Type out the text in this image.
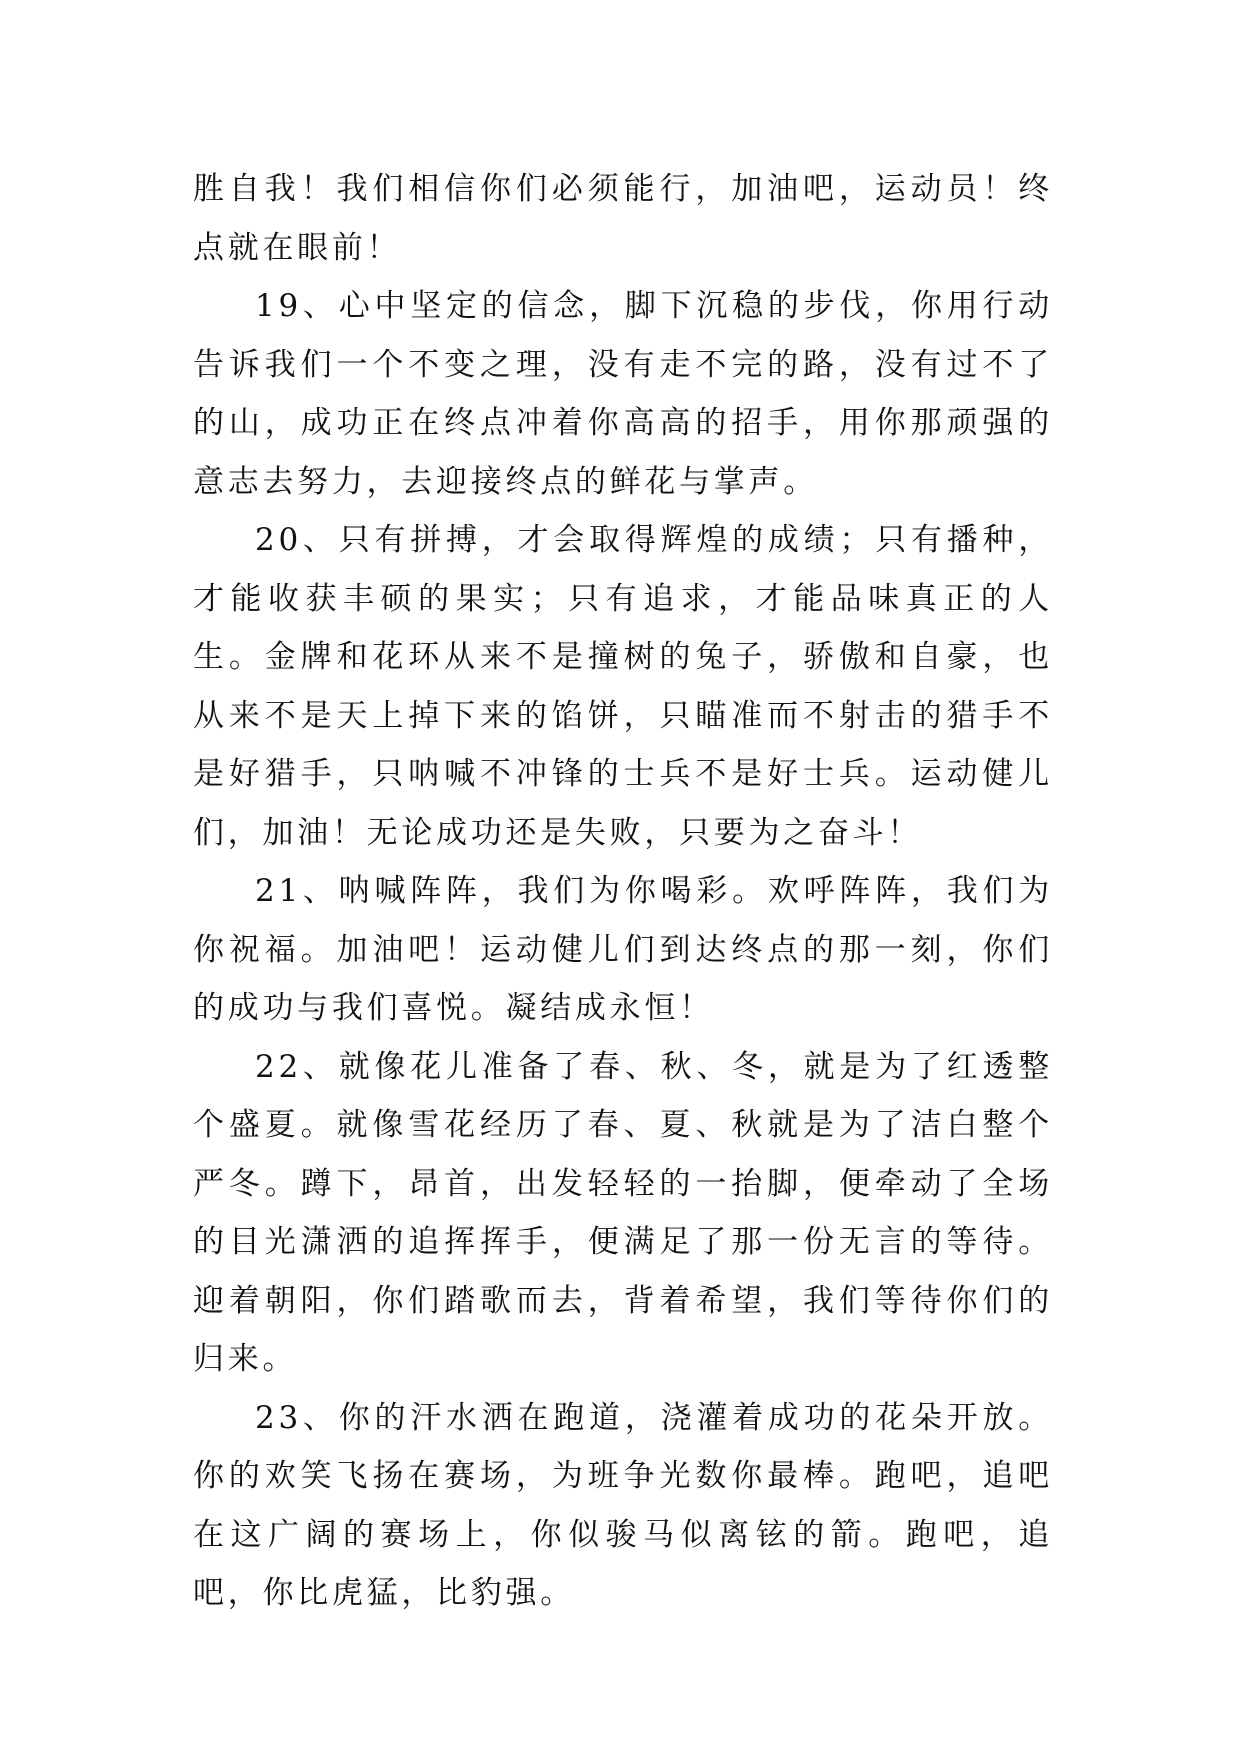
胜自我！我们相信你们必须能行，加油吧，运动员！终点就在眼前！

19、心中坚定的信念，脚下沉稳的步伐，你用行动告诉我们一个不变之理，没有走不完的路，没有过不了的山，成功正在终点冲着你高高的招手，用你那顽强的意志去努力，去迎接终点的鲜花与掌声。

20、只有拼搏，才会取得辉煌的成绩；只有播种，才能收获丰硕的果实；只有追求，才能品味真正的人生。金牌和花环从来不是撞树的兔子，骄傲和自豪，也从来不是天上掉下来的馅饼，只瞄准而不射击的猎手不是好猎手，只呐喊不冲锋的士兵不是好士兵。运动健儿们，加油！无论成功还是失败，只要为之奋斗！

21、呐喊阵阵，我们为你喝彩。欢呼阵阵，我们为你祝福。加油吧！运动健儿们到达终点的那一刻，你们的成功与我们喜悦。凝结成永恒！

22、就像花儿准备了春、秋、冬，就是为了红透整个盛夏。就像雪花经历了春、夏、秋就是为了洁白整个严冬。蹲下，昂首，出发轻轻的一抬脚，便牵动了全场的目光潇洒的追挥挥手，便满足了那一份无言的等待。迎着朝阳，你们踏歌而去，背着希望，我们等待你们的归来。

23、你的汗水洒在跑道，浇灌着成功的花朵开放。你的欢笑飞扬在赛场，为班争光数你最棒。跑吧，追吧在这广阔的赛场上，你似骏马似离铉的箭。跑吧，追吧，你比虎猛，比豹强。
